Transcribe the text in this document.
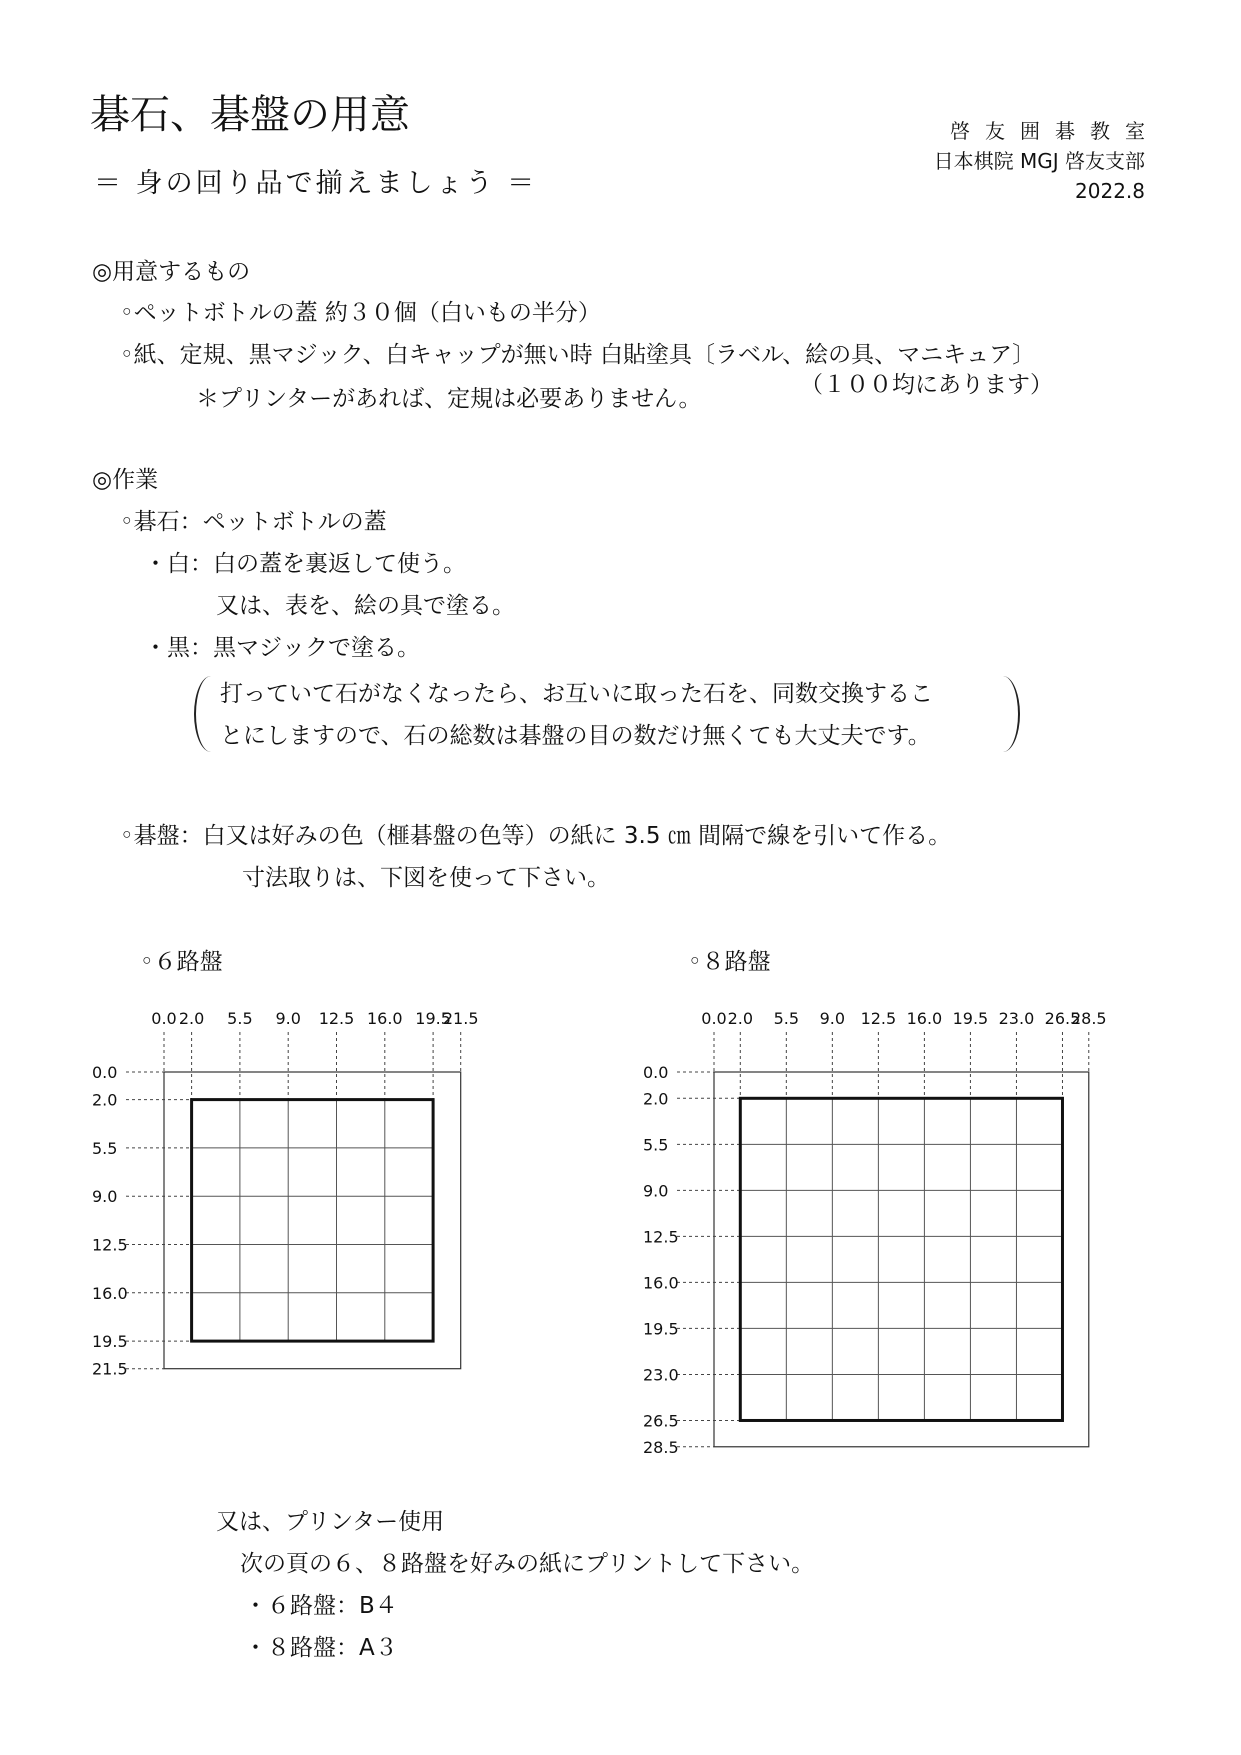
碁石、碁盤の用意
＝ 身の回り品で揃えましょう ＝
啓友囲碁教室
日本棋院 MGJ 啓友支部
2022.8
◎用意するもの
◦ペットボトルの蓋 約３０個（白いもの半分）
◦紙、定規、黒マジック、白キャップが無い時 白貼塗具〔ラベル、絵の具、マニキュア〕
（１００均にあります）
＊プリンターがあれば、定規は必要ありません。
◎作業
◦碁石：ペットボトルの蓋
・白：白の蓋を裏返して使う。
又は、表を、絵の具で塗る。
・黒：黒マジックで塗る。
打っていて石がなくなったら、お互いに取った石を、同数交換するこ
とにしますので、石の総数は碁盤の目の数だけ無くても大丈夫です。
◦碁盤：白又は好みの色（榧碁盤の色等）の紙に 3.5 ㎝ 間隔で線を引いて作る。
寸法取りは、下図を使って下さい。
◦６路盤	◦８路盤
0.0
0.0
2.0
2.0
5.5
5.5
9.0
9.0
12.5
12.5
16.0
16.0
19.5
19.5
21.5
21.5
0.0
0.0
2.0
2.0
5.5
5.5
9.0
9.0
12.5
12.5
16.0
16.0
19.5
19.5
23.0
23.0
26.5
26.5
28.5
28.5
又は、プリンター使用
次の頁の６、８路盤を好みの紙にプリントして下さい。
・６路盤：B４
・８路盤：A３
